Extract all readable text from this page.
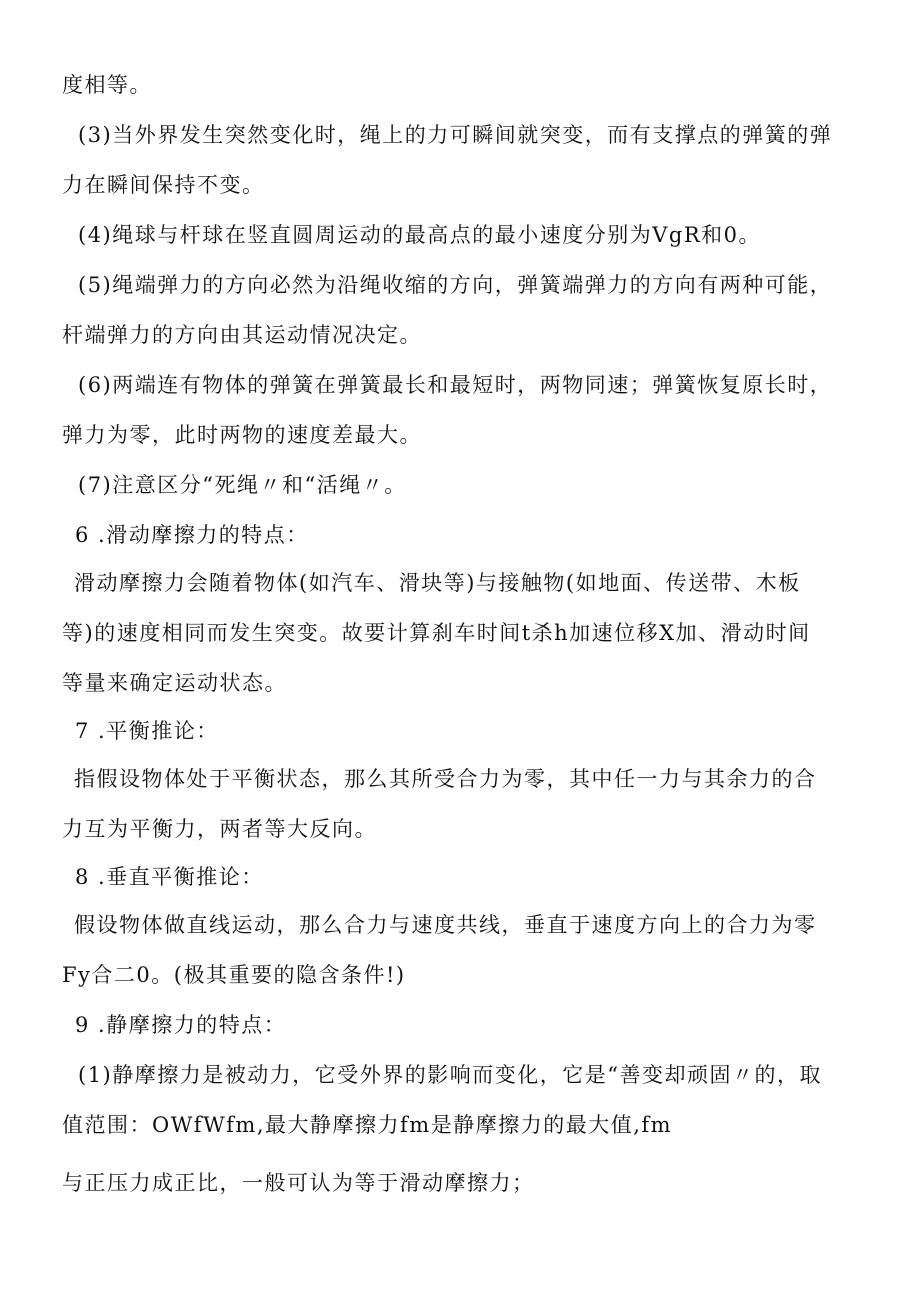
度相等。
(3)当外界发生突然变化时，绳上的力可瞬间就突变，而有支撑点的弹簧的弹
力在瞬间保持不变。
(4)绳球与杆球在竖直圆周运动的最高点的最小速度分别为VgR和0。
(5)绳端弹力的方向必然为沿绳收缩的方向，弹簧端弹力的方向有两种可能，
杆端弹力的方向由其运动情况决定。
(6)两端连有物体的弹簧在弹簧最长和最短时，两物同速；弹簧恢复原长时，
弹力为零，此时两物的速度差最大。
(7)注意区分“死绳〃和“活绳〃。
6 .滑动摩擦力的特点：
滑动摩擦力会随着物体(如汽车、滑块等)与接触物(如地面、传送带、木板
等)的速度相同而发生突变。故要计算刹车时间t杀h加速位移X加、滑动时间
等量来确定运动状态。
7 .平衡推论：
指假设物体处于平衡状态，那么其所受合力为零，其中任一力与其余力的合
力互为平衡力，两者等大反向。
8 .垂直平衡推论：
假设物体做直线运动，那么合力与速度共线，垂直于速度方向上的合力为零
Fy合二0。(极其重要的隐含条件!)
9 .静摩擦力的特点：
(1)静摩擦力是被动力，它受外界的影响而变化，它是“善变却顽固〃的，取
值范围：OWfWfm,最大静摩擦力fm是静摩擦力的最大值,fm
与正压力成正比，一般可认为等于滑动摩擦力；
